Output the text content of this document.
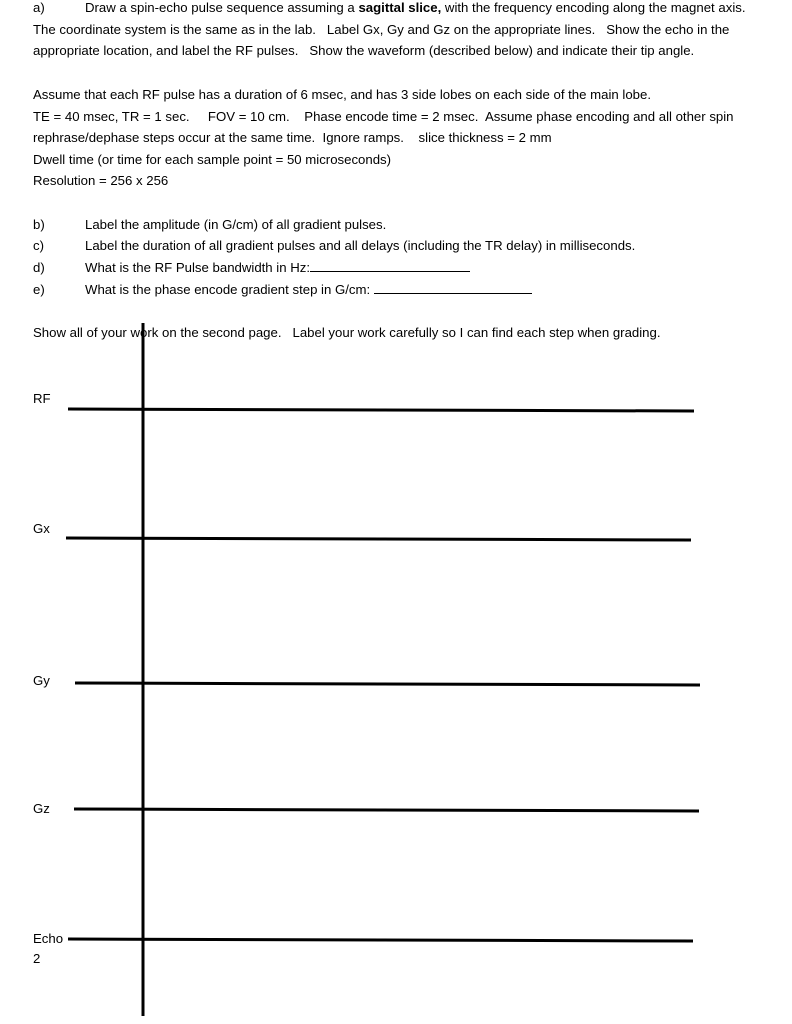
a)	Draw a spin-echo pulse sequence assuming a sagittal slice, with the frequency encoding along the magnet axis.
The coordinate system is the same as in the lab.   Label Gx, Gy and Gz on the appropriate lines.   Show the echo in the
appropriate location, and label the RF pulses.   Show the waveform (described below) and indicate their tip angle.
Assume that each RF pulse has a duration of 6 msec, and has 3 side lobes on each side of the main lobe.
TE = 40 msec, TR = 1 sec.     FOV = 10 cm.    Phase encode time = 2 msec.  Assume phase encoding and all other spin
rephrase/dephase steps occur at the same time.  Ignore ramps.    slice thickness = 2 mm
Dwell time (or time for each sample point = 50 microseconds)
Resolution = 256 x 256
b)	Label the amplitude (in G/cm) of all gradient pulses.
c)	Label the duration of all gradient pulses and all delays (including the TR delay) in milliseconds.
d)	What is the RF Pulse bandwidth in Hz:
e)	What is the phase encode gradient step in G/cm:
Show all of your work on the second page.   Label your work carefully so I can find each step when grading.
RF
Gx
Gy
Gz
Echo
2
